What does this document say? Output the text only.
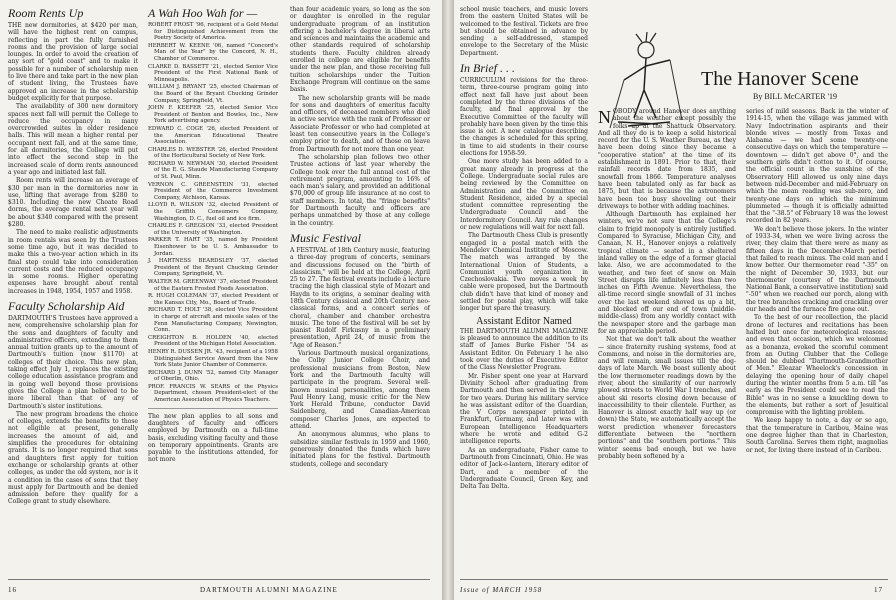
Room Rents Up

THE new dormitories, at $420 per man, will have the highest rent on campus, reflecting in part the fully furnished rooms and the provision of large social lounges. In order to avoid the creation of any sort of "gold coast" and to make it possible for a number of scholarship men to live there and take part in the new plan of student living, the Trustees have approved an increase in the scholarship budget explicitly for that purpose.

The availability of 300 new dormitory spaces next fall will permit the College to reduce the occupancy in many overcrowded suites in older residence halls. This will mean a higher rental per occupant next fall, and at the same time, for all dormitories, the College will put into effect the second step in the increased scale of dorm rents announced a year ago and initiated last fall.

Room rents will increase an average of $30 per man in the dormitories now in use, lifting that average from $280 to $310. Including the new Choate Road dorms, the average rental next year will be about $340 compared with the present $280.

The need to make realistic adjustments in room rentals was seen by the Trustees some time ago, but it was decided to make this a two-year action which in its final step could take into consideration current costs and the reduced occupancy in some rooms. Higher operating expenses have brought about rental increases in 1948, 1954, 1957 and 1958.

Faculty Scholarship Aid

DARTMOUTH'S Trustees have approved a new, comprehensive scholarship plan for the sons and daughters of faculty and administrative officers, extending to them annual tuition grants up to the amount of Dartmouth's tuition (now $1170) at colleges of their choice. This new plan, taking effect July 1, replaces the existing college education assistance program and in going well beyond those provisions gives the College a plan believed to be more liberal than that of any of Dartmouth's sister institutions.

The new program broadens the choice of colleges, extends the benefits to those not eligible at present, generally increases the amount of aid, and simplifies the procedures for obtaining grants. It is no longer required that sons and daughters first apply for tuition exchange or scholarship grants at other colleges, as under the old system, nor is it a condition in the cases of sons that they must apply for Dartmouth and be denied admission before they qualify for a College grant to study elsewhere.

A Wah Hoo Wah for —

ROBERT FROST '96, recipient of a Gold Medal for Distinguished Achievement from the Poetry Society of America.

HERBERT W. KEENE '06, named "Concord's Man of the Year" by the Concord, N. H., Chamber of Commerce.

CLARKE D. BASSETT '21, elected Senior Vice President of the First National Bank of Minneapolis.

WILLIAM J. BRYANT '25, elected Chairman of the Board of the Bryant Chucking Grinder Company, Springfield, Vt.

JOHN F. KEEFER '25, elected Senior Vice President of Benton and Bowles, Inc., New York advertising agency.

EDWARD C. COGE '26, elected President of the American Educational Theatre Association.

CHARLES D. WEBSTER '26, elected President of the Horticultural Society of New York.

RICHARD W. NEWMAN '30, elected President of the E. G. Staude Manufacturing Company of St. Paul, Minn.

VERNON C. GREENSTEIN '31, elected President of the Commerce Investment Company, Atchison, Kansas.

LLOYD R. WILSON '32, elected President of the Griffith Consumers Company, Washington, D. C., fuel oil and ice firm.

CHARLES F. GREGSON '33, elected President of the University of Washington.

PARKER T. HART '35, named by President Eisenhower to be U. S. Ambassador to Jordan.

J. HARTNESS BEARDSLEY '37, elected President of the Bryant Chucking Grinder Company, Springfield, Vt.

WALTER M. GREENWAY '37, elected President of the Eastern Frosted Foods Association.

R. HUGH COLEMAN '37, elected President of the Kansas City, Mo., Board of Trade.

RICHARD T. HOLT '38, elected Vice President in charge of aircraft and missile sales of the Fenn Manufacturing Company, Newington, Conn.

CREIGHTON B. HOLDEN '40, elected President of the Michigan Hotel Association.

HENRY R. DUSSEN JR. '43, recipient of a 1958 Distinguished Service Award from the New York State Junior Chamber of Commerce.

RICHARD J. DUNN '52, named City Manager of Oberlin, Ohio.

PROF. FRANCIS W. SEARS of the Physics Department, chosen President-elect of the American Association of Physics Teachers.

The new plan applies to all sons and daughters of faculty and officers employed by Dartmouth on a full-time basis, excluding visiting faculty and those on temporary appointments. Grants are payable to the institutions attended, for not more

than four academic years, so long as the son or daughter is enrolled in the regular undergraduate program of an institution offering a bachelor's degree in liberal arts and sciences and maintains the academic and other standards required of scholarship students there. Faculty children already enrolled in college are eligible for benefits under the new plan, and those receiving full tuition scholarships under the Tuition Exchange Program will continue on the same basis.

The new scholarship grants will be made for sons and daughters of emeritus faculty and officers, of deceased members who died in active service with the rank of Professor or Associate Professor or who had completed at least ten consecutive years in the College's employ prior to death, and of those on leave from Dartmouth for not more than one year.

The scholarship plan follows two other Trustee actions of last year whereby the College took over the full annual cost of the retirement program, amounting to 16% of each man's salary, and provided an additional $70,000 of group life insurance at no cost to staff members. In total, the "fringe benefits" for Dartmouth faculty and officers are perhaps unmatched by those at any college in the country.

Music Festival

A FESTIVAL of 18th Century music, featuring a three-day program of concerts, seminars and discussions focused on the "birth of classicism," will be held at the College, April 25 to 27. The festival events include a lecture tracing the high classical style of Mozart and Haydn to its origins, a seminar dealing with 18th Century classical and 20th Century neo-classical forms, and a concert series of choral, chamber and chamber orchestra music. The tone of the festival will be set by pianist Rudolf Firkusny in a preliminary presentation, April 24, of music from the "Age of Reason."

Various Dartmouth musical organizations, the Colby Junior College Choir, and professional musicians from Boston, New York and the Dartmouth faculty will participate in the program. Several well-known musical personalities, among them Paul Henry Lang, music critic for the New York Herald Tribune, conductor David Saidenberg, and Canadian-American composer Charles Jones, are expected to attend.

An anonymous alumnus, who plans to subsidize similar festivals in 1959 and 1960, generously donated the funds which have initiated plans for the festival. Dartmouth students, college and secondary

16	DARTMOUTH ALUMNI MAGAZINE

school music teachers, and music lovers from the eastern United States will be welcomed to the festival. Tickets are free but should be obtained in advance by sending a self-addressed, stamped envelope to the Secretary of the Music Department.

In Brief . . .

CURRICULUM revisions for the three-term, three-course program going into effect next fall have just about been completed by the three divisions of the faculty, and final approval by the Executive Committee of the faculty will probably have been given by the time this issue is out. A new catalogue describing the changes is scheduled for this spring, in time to aid students in their course elections for 1958-59.

One more study has been added to a great many already in progress at the College. Undergraduate social rules are being reviewed by the Committee on Administration and the Committee on Student Residence, aided by a special student committee representing the Undergraduate Council and the Interdormitory Council. Any rule changes or new regulations will wait for next fall.

The Dartmouth Chess Club is presently engaged in a postal match with the Mendelev Chemical Institute of Moscow. The match was arranged by the International Union of Students, a Communist youth organization in Czechoslovakia. Two moves a week by cable were proposed, but the Dartmouth club didn't have that kind of money and settled for postal play, which will take longer but spare the treasury.

Assistant Editor Named

THE DARTMOUTH ALUMNI MAGAZINE is pleased to announce the addition to its staff of James Burke Fisher '54 as Assistant Editor. On February 1 he also took over the duties of Executive Editor of the Class Newsletter Program.

Mr. Fisher spent one year at Harvard Divinity School after graduating from Dartmouth and then served in the Army for two years. During his military service he was assistant editor of the Guardian, the V Corps newspaper printed in Frankfurt, Germany, and later was with European Intelligence Headquarters where he wrote and edited G-2 intelligence reports.

As an undergraduate, Fisher came to Dartmouth from Cincinnati, Ohio. He was editor of Jack-o-lantern, literary editor of Dart, and a member of the Undergraduate Council, Green Key, and Delta Tau Delta.

The Hanover Scene
By BILL McCARTER '19

NOBODY around Hanover does anything about the weather except possibly the folks up at the Shattuck Observatory. And all they do is to keep a solid historical record for the U. S. Weather Bureau, as they have been doing since they became a "cooperative station" at the time of its establishment in 1891. Prior to that, their rainfall records date from 1835, and snowfall from 1866. Temperature analyses have been tabulated only as far back as 1875, but that is because the astronomers have been too busy shoveling out their driveways to bother with adding machines.

Although Dartmouth has explained her winters, we're not sure that the College's claim to frigid monopoly is entirely justified. Compared to Syracuse, Michigan City, and Canaan, N. H., Hanover enjoys a relatively tropical climate — seated in a sheltered inland valley on the edge of a former glacial lake. Also, we are accommodated to the weather, and two feet of snow on Main Street disrupts life infinitely less than two inches on Fifth Avenue. Nevertheless, the all-time record single snowfall of 31 inches over the last weekend shoved us up a bit, and blocked off our end of town (middle-middle-class) from any worldly contact with the newspaper store and the garbage man for an appreciable period.

Not that we don't talk about the weather — since fraternity rushing systems, food at Commons, and noise in the dormitories are, and will remain, small issues till the dog-days of late March. We boast sullenly about the low thermometer readings down by the river, about the similarity of our narrowly plowed streets to World War I trenches, and about ski resorts closing down because of inaccessibility to their clientele. Further, as Hanover is almost exactly half way up (or down) the State, we automatically accept the worst prediction whenever forecasters differentiate between the "northern portions" and the "southern portions." This winter seems bad enough, but we have probably been softened by a

series of mild seasons. Back in the winter of 1914-15, when the village was jammed with Navy Indoctrination aspirants and their blonde wives — mostly from Texas and Alabama — we had some twenty-one consecutive days on which the temperature — downtown — didn't get above 0°, and the southern girls didn't cotton to it. Of course, the official count in the sunshine of the Observatory Hill allowed us only nine days between mid-December and mid-February on which the mean reading was sub-zero, and twenty-one days on which the minimum plummeted — though it is officially admitted that the "-38.5" of February 18 was the lowest recorded in 82 years.

We don't believe those jokers. In the winter of 1933-34, when we were living across the river, they claim that there were as many as fifteen days in the December-March period that failed to reach minus. The cold man and I know better. Our thermometer read "-35" on the night of December 30, 1933, but our thermometer (courtesy of the Dartmouth National Bank, a conservative institution) said "-50" when we reached our porch, along with the tree branches cracking and crackling over our heads and the furnace fire gone out.

To the best of our recollection, the placid drone of lectures and recitations has been halted but once for meteorological reasons; and even that occasion, which we welcomed as a bonanza, evoked the scornful comment from an Outing Clubber that the College should be dubbed "Dartmouth-Grandmother of Men." Eleazar Wheelock's concession in delaying the opening hour of daily chapel during the winter months from 5 a.m. till "as early as the President could see to read the Bible" was in no sense a knuckling down to the elements, but rather a sort of Jesuitical compromise with the lighting problem.

We keep happy to note, a day or so ago, that the temperature in Caribou, Maine was one degree higher than that in Charleston, South Carolina. Serves them right, magnolias or not, for living there instead of in Caribou.

Issue of MARCH 1958	17
